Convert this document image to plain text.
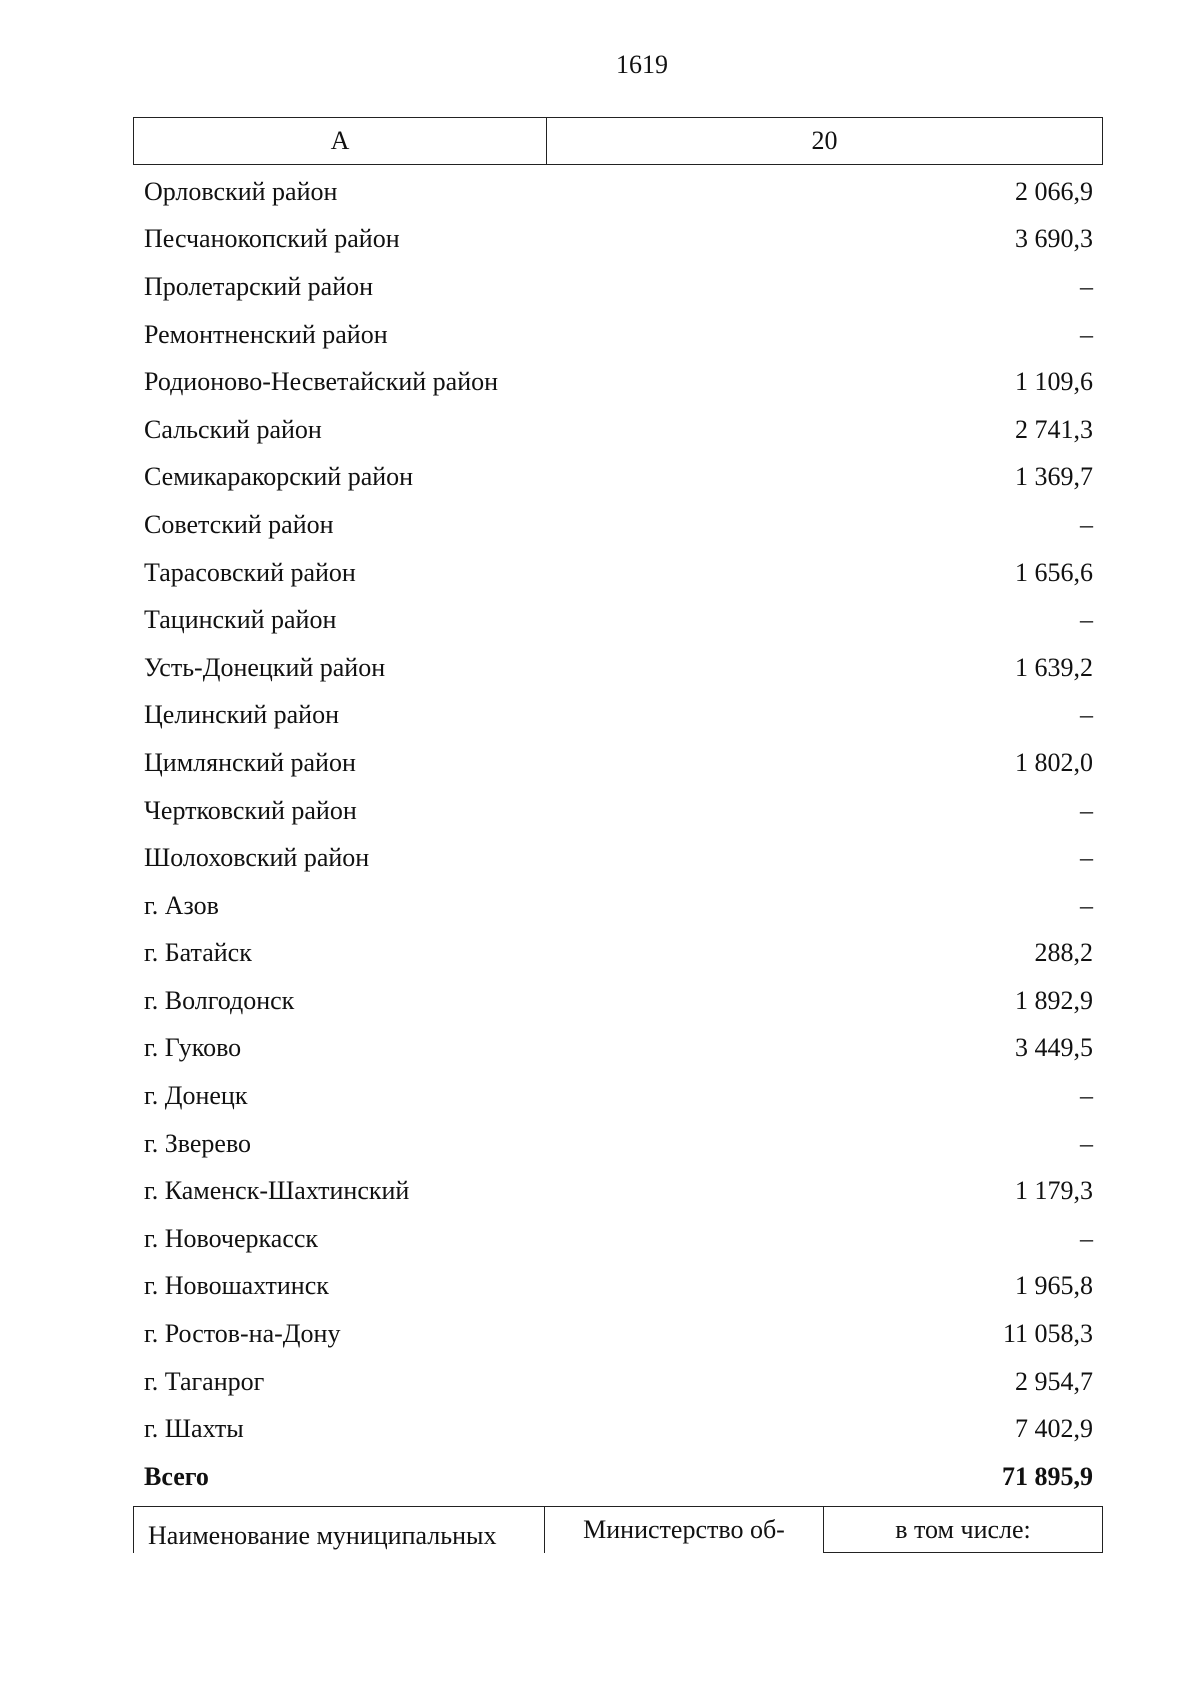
1619
А	20
Орловский район	2 066,9
Песчанокопский район	3 690,3
Пролетарский район	–
Ремонтненский район	–
Родионово-Несветайский район	1 109,6
Сальский район	2 741,3
Семикаракорский район	1 369,7
Советский район	–
Тарасовский район	1 656,6
Тацинский район	–
Усть-Донецкий район	1 639,2
Целинский район	–
Цимлянский район	1 802,0
Чертковский район	–
Шолоховский район	–
г. Азов	–
г. Батайск	288,2
г. Волгодонск	1 892,9
г. Гуково	3 449,5
г. Донецк	–
г. Зверево	–
г. Каменск-Шахтинский	1 179,3
г. Новочеркасск	–
г. Новошахтинск	1 965,8
г. Ростов-на-Дону	11 058,3
г. Таганрог	2 954,7
г. Шахты	7 402,9
Всего	71 895,9
Наименование муниципальных	Министерство об-	в том числе:
